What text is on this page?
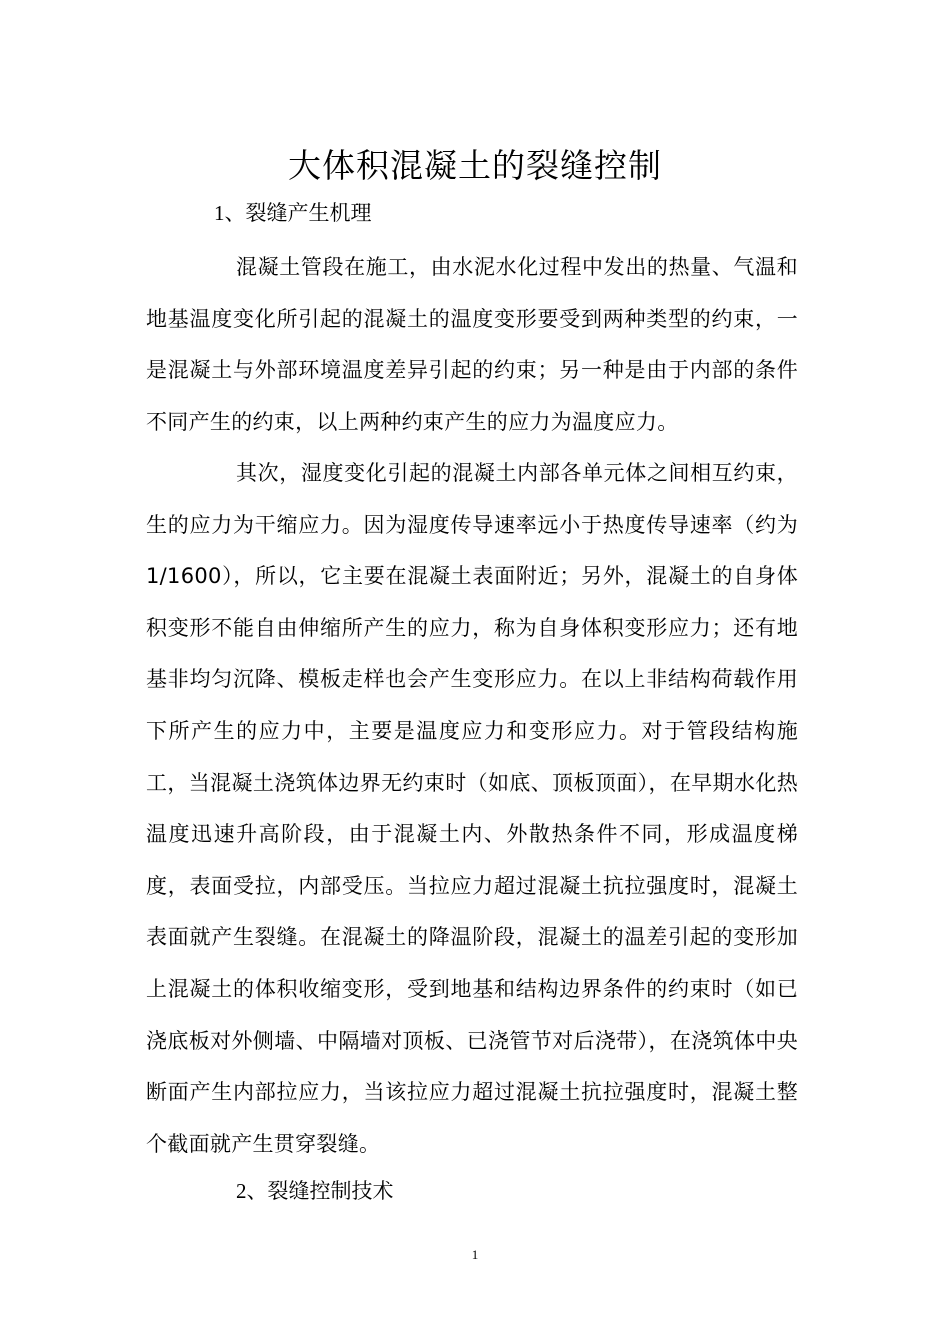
大体积混凝土的裂缝控制
1、裂缝产生机理

混凝土管段在施工，由水泥水化过程中发出的热量、气温和地基温度变化所引起的混凝土的温度变形要受到两种类型的约束，一是混凝土与外部环境温度差异引起的约束；另一种是由于内部的条件不同产生的约束，以上两种约束产生的应力为温度应力。

其次，湿度变化引起的混凝土内部各单元体之间相互约束，生的应力为干缩应力。因为湿度传导速率远小于热度传导速率（约为 1/1600），所以，它主要在混凝土表面附近；另外，混凝土的自身体积变形不能自由伸缩所产生的应力，称为自身体积变形应力；还有地基非均匀沉降、模板走样也会产生变形应力。在以上非结构荷载作用下所产生的应力中，主要是温度应力和变形应力。对于管段结构施工，当混凝土浇筑体边界无约束时（如底、顶板顶面），在早期水化热温度迅速升高阶段，由于混凝土内、外散热条件不同，形成温度梯度，表面受拉，内部受压。当拉应力超过混凝土抗拉强度时，混凝土表面就产生裂缝。在混凝土的降温阶段，混凝土的温差引起的变形加上混凝土的体积收缩变形，受到地基和结构边界条件的约束时（如已浇底板对外侧墙、中隔墙对顶板、已浇管节对后浇带），在浇筑体中央断面产生内部拉应力，当该拉应力超过混凝土抗拉强度时，混凝土整个截面就产生贯穿裂缝。

2、裂缝控制技术
1
